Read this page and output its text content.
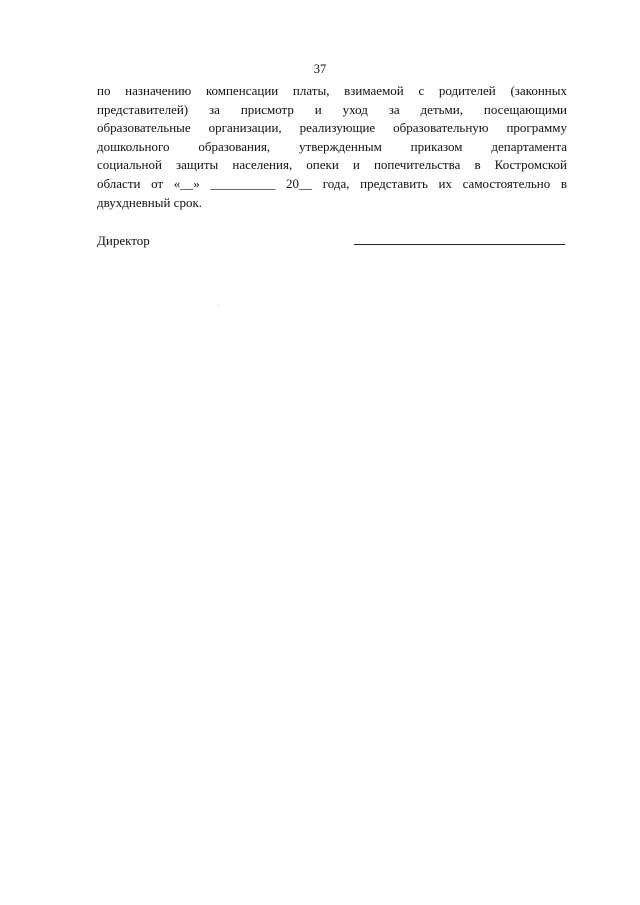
37
по назначению компенсации платы, взимаемой с родителей (законных
представителей) за присмотр и уход за детьми, посещающими
образовательные организации, реализующие образовательную программу
дошкольного образования, утвержденным приказом департамента
социальной защиты населения, опеки и попечительства в Костромской
области от «__» __________ 20__ года, представить их самостоятельно в
двухдневный срок.
Директор
